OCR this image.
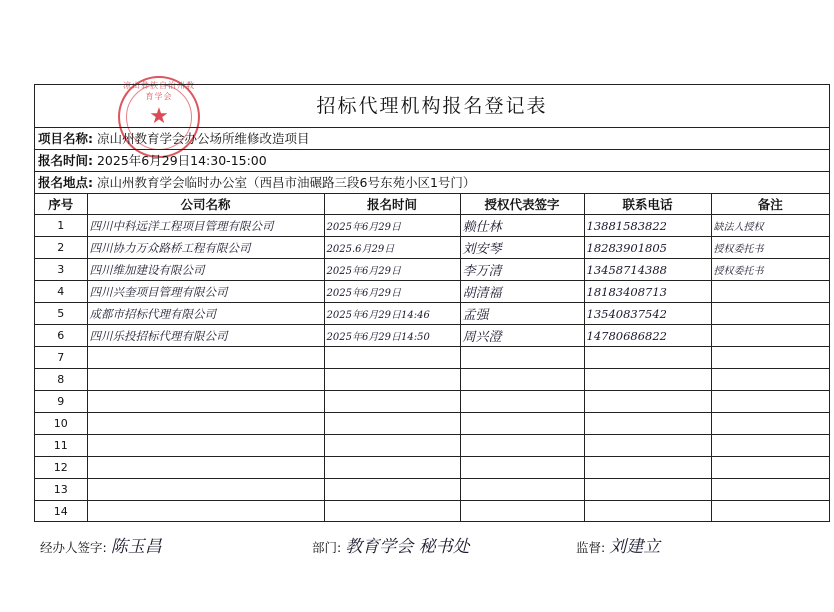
凉山彝族自治州教育学会
★	招标代理机构报名登记表
项目名称: 凉山州教育学会办公场所维修改造项目
报名时间: 2025年6月29日14:30-15:00
报名地点: 凉山州教育学会临时办公室（西昌市油碾路三段6号东苑小区1号门）
序号	公司名称	报名时间	授权代表签字	联系电话	备注
1	四川中科远洋工程项目管理有限公司	2025年6月29日	赖仕林	13881583822	缺法人授权
2	四川协力万众路桥工程有限公司	2025.6月29日	刘安琴	18283901805	授权委托书
3	四川维加建设有限公司	2025年6月29日	李万清	13458714388	授权委托书
4	四川兴奎项目管理有限公司	2025年6月29日	胡清福	18183408713	
5	成都市招标代理有限公司	2025年6月29日14:46	孟强	13540837542	
6	四川乐投招标代理有限公司	2025年6月29日14:50	周兴澄	14780686822	
7					
8					
9					
10					
11					
12					
13					
14					
经办人签字: 陈玉昌	部门: 教育学会 秘书处	监督: 刘建立
